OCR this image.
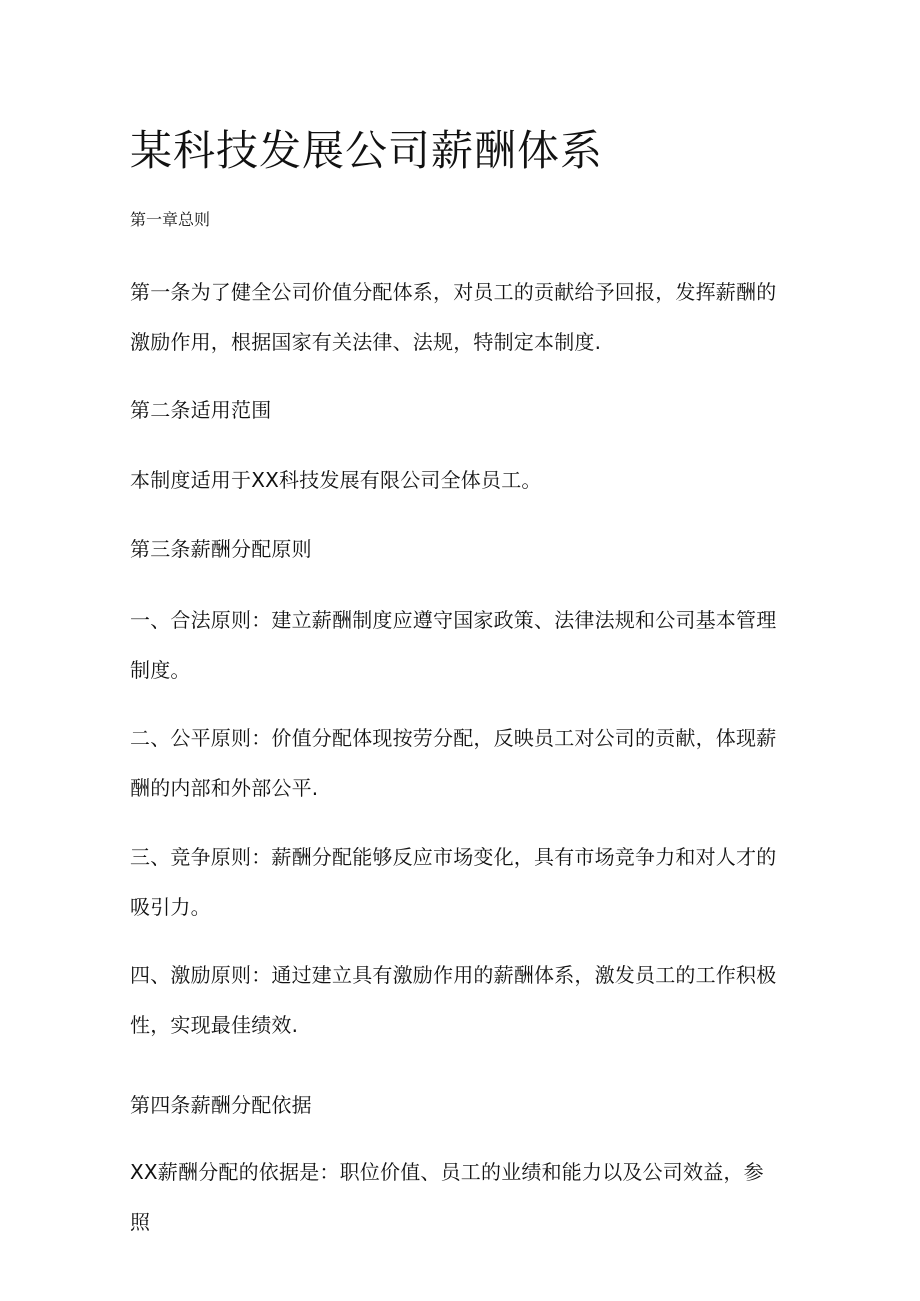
某科技发展公司薪酬体系

第一章总则

第一条为了健全公司价值分配体系，对员工的贡献给予回报，发挥薪酬的激励作用，根据国家有关法律、法规，特制定本制度.

第二条适用范围

本制度适用于XX科技发展有限公司全体员工。

第三条薪酬分配原则

一、合法原则：建立薪酬制度应遵守国家政策、法律法规和公司基本管理制度。

二、公平原则：价值分配体现按劳分配，反映员工对公司的贡献，体现薪酬的内部和外部公平.

三、竞争原则：薪酬分配能够反应市场变化，具有市场竞争力和对人才的吸引力。

四、激励原则：通过建立具有激励作用的薪酬体系，激发员工的工作积极性，实现最佳绩效.

第四条薪酬分配依据

XX薪酬分配的依据是：职位价值、员工的业绩和能力以及公司效益，参照
